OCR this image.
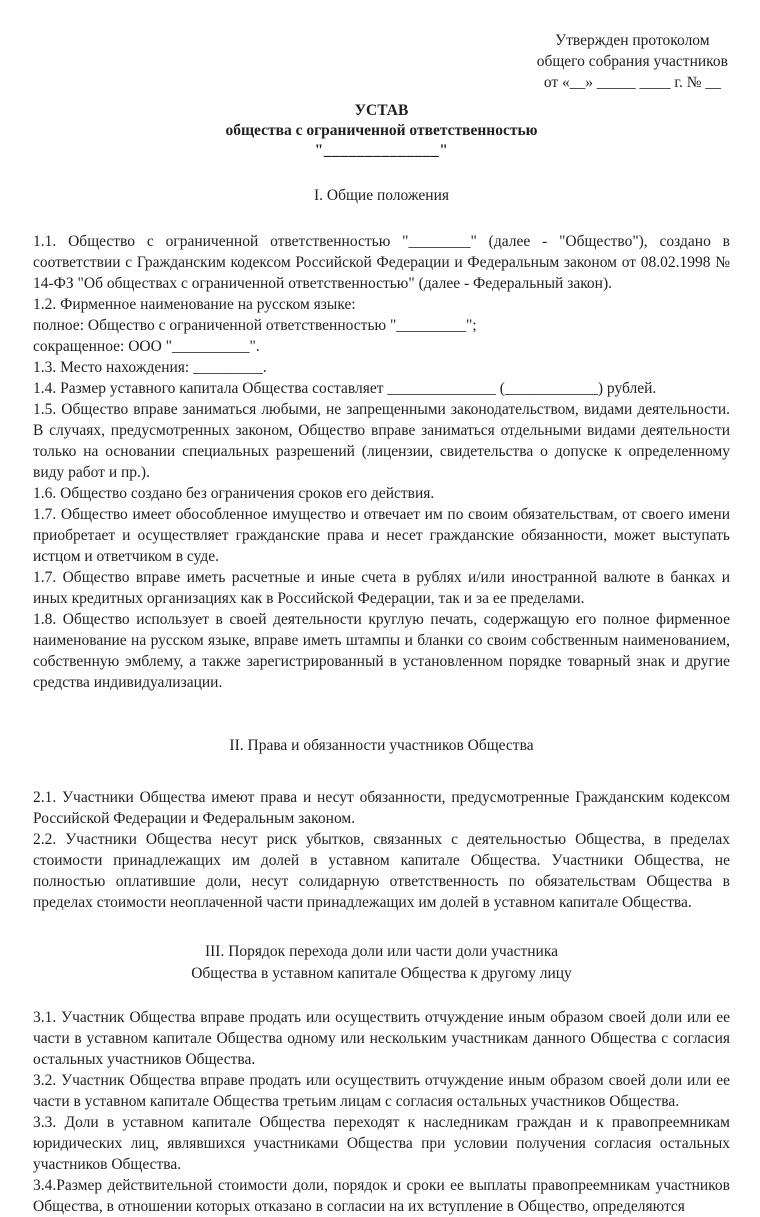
Утвержден протоколом
общего собрания участников
от «__» _____ ____ г. № __
УСТАВ
общества с ограниченной ответственностью
"______________"
I. Общие положения

1.1. Общество с ограниченной ответственностью "________" (далее - "Общество"), создано в соответствии с Гражданским кодексом Российской Федерации и Федеральным законом от 08.02.1998 № 14-ФЗ "Об обществах с ограниченной ответственностью" (далее - Федеральный закон).

1.2. Фирменное наименование на русском языке:

полное: Общество с ограниченной ответственностью "_________";

сокращенное: ООО "__________".

1.3. Место нахождения: _________.

1.4. Размер уставного капитала Общества составляет ______________ (____________) рублей.

1.5. Общество вправе заниматься любыми, не запрещенными законодательством, видами деятельности. В случаях, предусмотренных законом, Общество вправе заниматься отдельными видами деятельности только на основании специальных разрешений (лицензии, свидетельства о допуске к определенному виду работ и пр.).

1.6. Общество создано без ограничения сроков его действия.

1.7. Общество имеет обособленное имущество и отвечает им по своим обязательствам, от своего имени приобретает и осуществляет гражданские права и несет гражданские обязанности, может выступать истцом и ответчиком в суде.

1.7. Общество вправе иметь расчетные и иные счета в рублях и/или иностранной валюте в банках и иных кредитных организациях как в Российской Федерации, так и за ее пределами.

1.8. Общество использует в своей деятельности круглую печать, содержащую его полное фирменное наименование на русском языке, вправе иметь штампы и бланки со своим собственным наименованием, собственную эмблему, а также зарегистрированный в установленном порядке товарный знак и другие средства индивидуализации.

II. Права и обязанности участников Общества

2.1. Участники Общества имеют права и несут обязанности, предусмотренные Гражданским кодексом Российской Федерации и Федеральным законом.

2.2. Участники Общества несут риск убытков, связанных с деятельностью Общества, в пределах стоимости принадлежащих им долей в уставном капитале Общества. Участники Общества, не полностью оплатившие доли, несут солидарную ответственность по обязательствам Общества в пределах стоимости неоплаченной части принадлежащих им долей в уставном капитале Общества.

III. Порядок перехода доли или части доли участника
Общества в уставном капитале Общества к другому лицу

3.1. Участник Общества вправе продать или осуществить отчуждение иным образом своей доли или ее части в уставном капитале Общества одному или нескольким участникам данного Общества с согласия остальных участников Общества.

3.2. Участник Общества вправе продать или осуществить отчуждение иным образом своей доли или ее части в уставном капитале Общества третьим лицам с согласия остальных участников Общества.

3.3. Доли в уставном капитале Общества переходят к наследникам граждан и к правопреемникам юридических лиц, являвшихся участниками Общества при условии получения согласия остальных участников Общества.

3.4.Размер действительной стоимости доли, порядок и сроки ее выплаты правопреемникам участников Общества, в отношении которых отказано в согласии на их вступление в Общество, определяются
